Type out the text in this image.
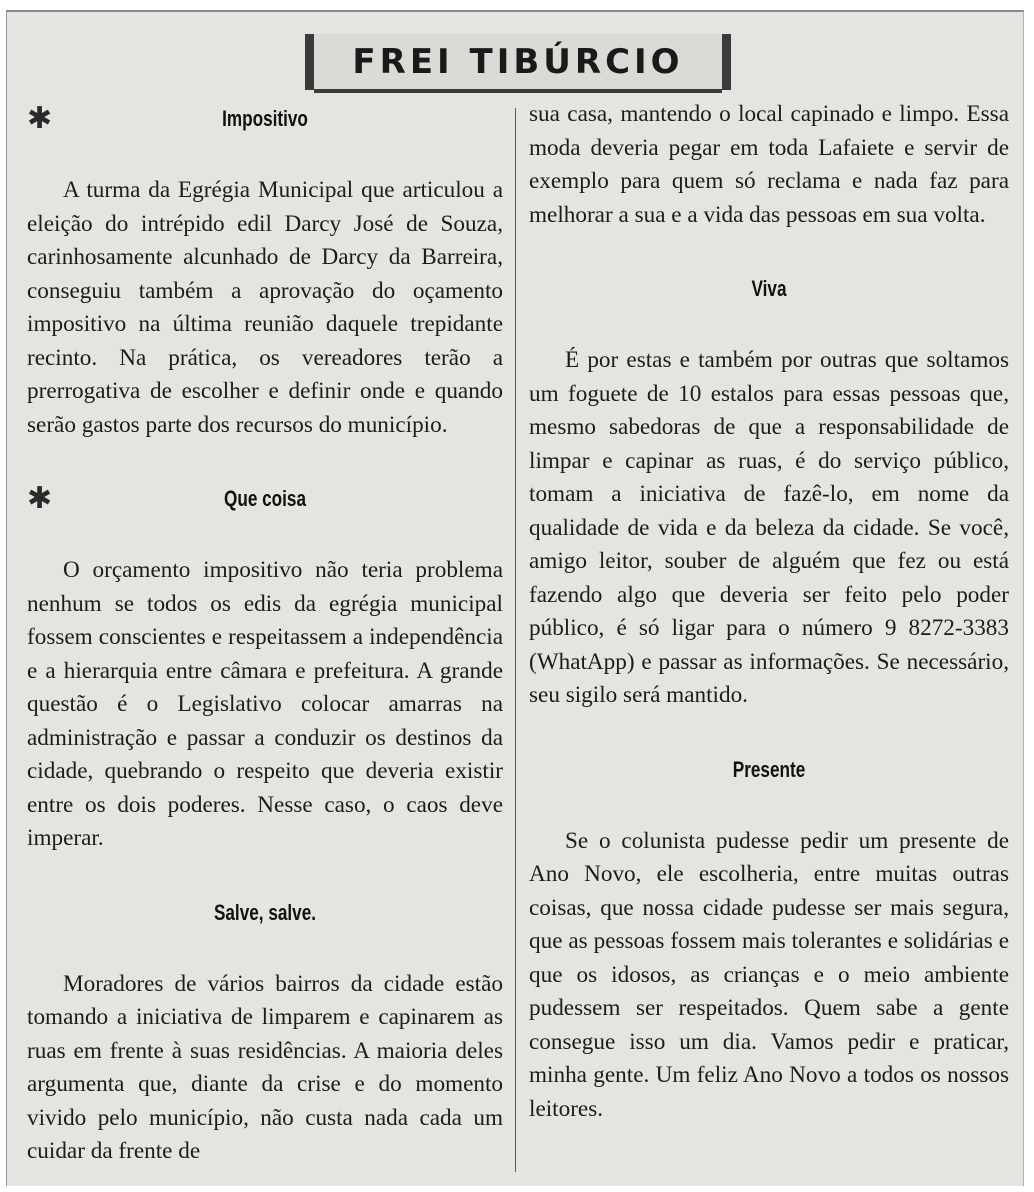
FREI TIBÚRCIO
Impositivo
✱

A turma da Egrégia Municipal que articulou a eleição do intrépido edil Darcy José de Souza, carinhosamente alcunhado de Darcy da Barreira, conseguiu também a aprovação do oçamento impositivo na última reunião daquele trepidante recinto. Na prática, os vereadores terão a prerrogativa de escolher e definir onde e quando serão gastos parte dos recursos do município.

✱	Que coisa

O orçamento impositivo não teria problema nenhum se todos os edis da egrégia municipal fossem conscientes e respeitassem a independência e a hierarquia entre câmara e prefeitura. A grande questão é o Legislativo colocar amarras na administração e passar a conduzir os destinos da cidade, quebrando o respeito que deveria existir entre os dois poderes. Nesse caso, o caos deve imperar.

Salve, salve.

Moradores de vários bairros da cidade estão tomando a iniciativa de limparem e capinarem as ruas em frente à suas residências. A maioria deles argumenta que, diante da crise e do momento vivido pelo município, não custa nada cada um cuidar da frente de

sua casa, mantendo o local capinado e limpo. Essa moda deveria pegar em toda Lafaiete e servir de exemplo para quem só reclama e nada faz para melhorar a sua e a vida das pessoas em sua volta.

Viva

É por estas e também por outras que soltamos um foguete de 10 estalos para essas pessoas que, mesmo sabedoras de que a responsabilidade de limpar e capinar as ruas, é do serviço público, tomam a iniciativa de fazê-lo, em nome da qualidade de vida e da beleza da cidade. Se você, amigo leitor, souber de alguém que fez ou está fazendo algo que deveria ser feito pelo poder público, é só ligar para o número 9 8272-3383 (WhatApp) e passar as informações. Se necessário, seu sigilo será mantido.

Presente

Se o colunista pudesse pedir um presente de Ano Novo, ele escolheria, entre muitas outras coisas, que nossa cidade pudesse ser mais segura, que as pessoas fossem mais tolerantes e solidárias e que os idosos, as crianças e o meio ambiente pudessem ser respeitados. Quem sabe a gente consegue isso um dia. Vamos pedir e praticar, minha gente. Um feliz Ano Novo a todos os nossos leitores.
